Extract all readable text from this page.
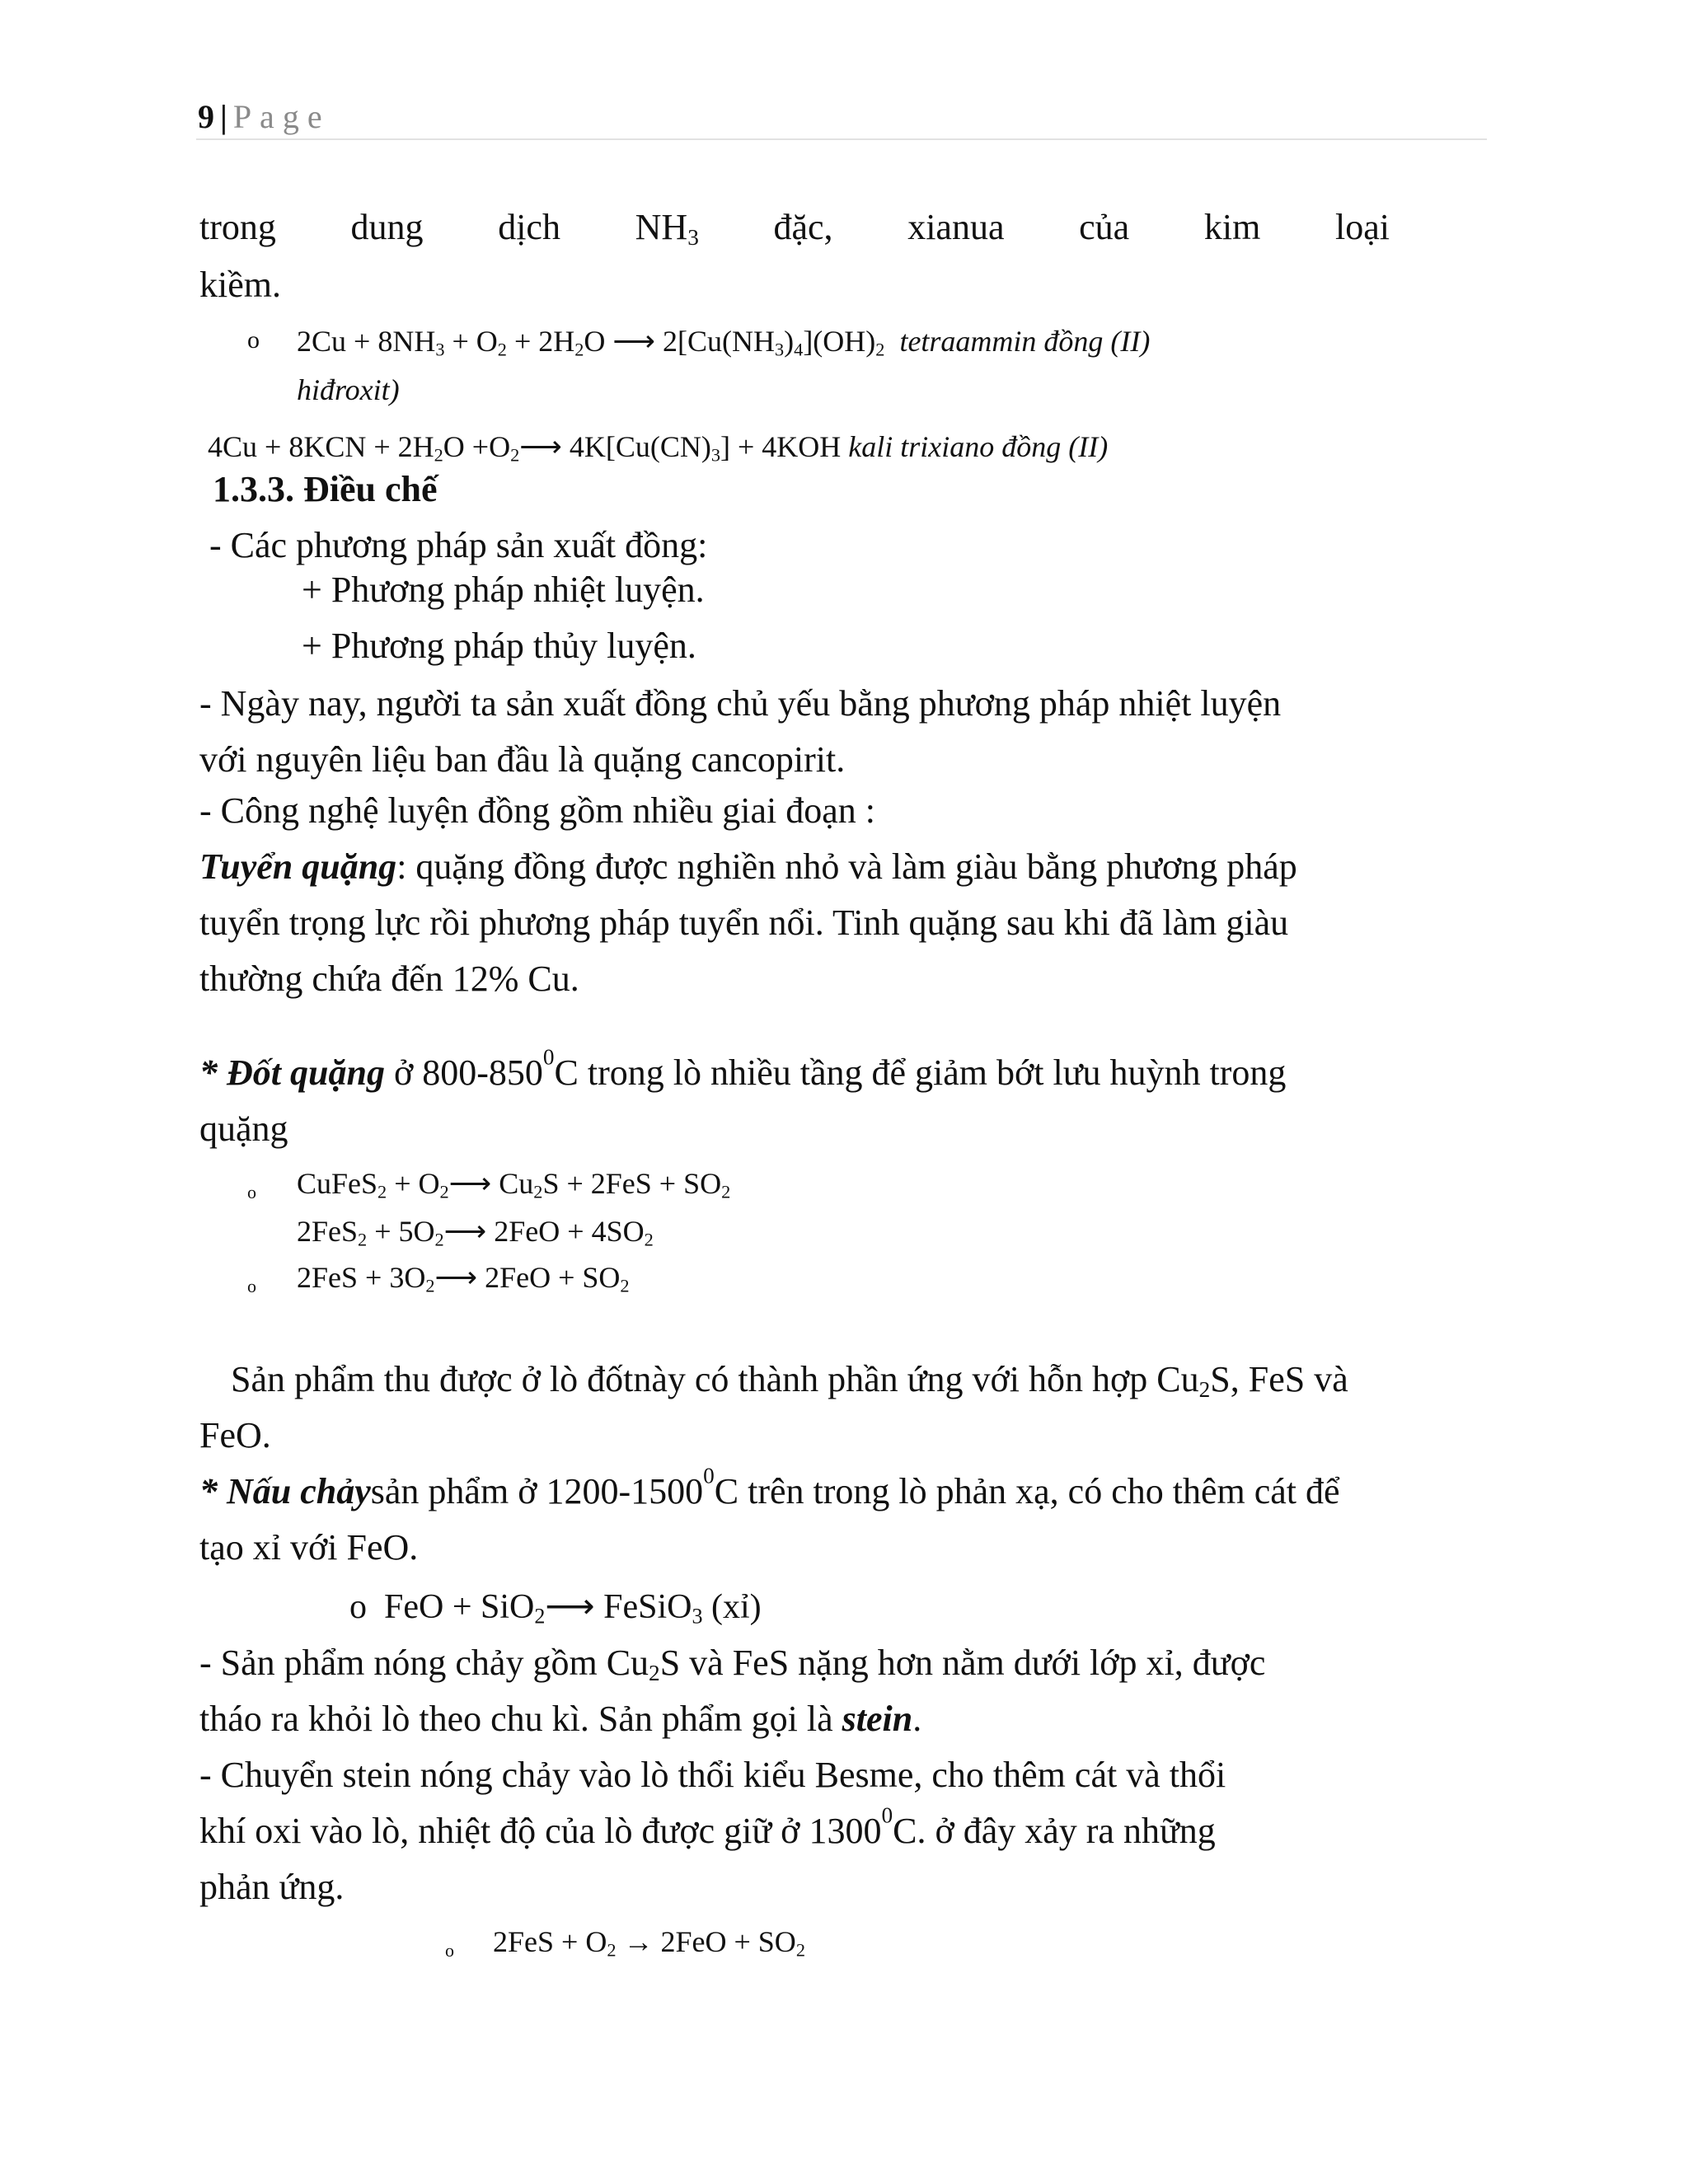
9 | Page
trong dung dịch $NH_3$ đặc, xianua của kim loại
kiềm.
o $2Cu + 8NH_3 + O_2 + 2H_2O$ ⟶ $2[Cu(NH_3)_4](OH)_2$ tetraammin đồng (II)
hiđroxit)
$4Cu + 8KCN + 2H_2O$ $+O_2⟶$ $4K[Cu(CN)_3] + 4KOH$ kali trixiano đồng (II)
1.3.3. Điều chế
- Các phương pháp sản xuất đồng:
+ Phương pháp nhiệt luyện.
+ Phương pháp thủy luyện.
- Ngày nay, người ta sản xuất đồng chủ yếu bằng phương pháp nhiệt luyện
với nguyên liệu ban đầu là quặng cancopirit.
- Công nghệ luyện đồng gồm nhiều giai đoạn :
Tuyển quặng: quặng đồng được nghiền nhỏ và làm giàu bằng phương pháp
tuyển trọng lực rồi phương pháp tuyển nổi. Tinh quặng sau khi đã làm giàu
thường chứa đến 12% Cu.
* Đốt quặng ở $800-850^0C$ trong lò nhiều tầng để giảm bớt lưu huỳnh trong
quặng
o CuFeS$_2$ + $O_2⟶$ $Cu_2S + 2FeS + SO_2$
$2FeS_2 + 5O_2⟶$ $2FeO + 4SO_2$
o $2FeS + 3O_2⟶$ $2FeO + SO_2$
Sản phẩm thu được ở lò đốtnày có thành phần ứng với hỗn hợp $Cu_2S$, FeS và
FeO.
* Nấu chảysản phẩm ở 1200-1500$^0$C trên trong lò phản xạ, có cho thêm cát để
tạo xỉ với FeO.
o FeO + SiO$_2$⟶ FeSiO$_3$ (xỉ)
- Sản phẩm nóng chảy gồm $Cu_2S$ và FeS nặng hơn nằm dưới lớp xỉ, được
tháo ra khỏi lò theo chu kì. Sản phẩm gọi là stein.
- Chuyển stein nóng chảy vào lò thổi kiểu Besme, cho thêm cát và thổi
khí oxi vào lò, nhiệt độ của lò được giữ ở 1300$^0$C. ở đây xảy ra những
phản ứng.
o $2FeS + O_2 \to 2FeO + SO_2$
